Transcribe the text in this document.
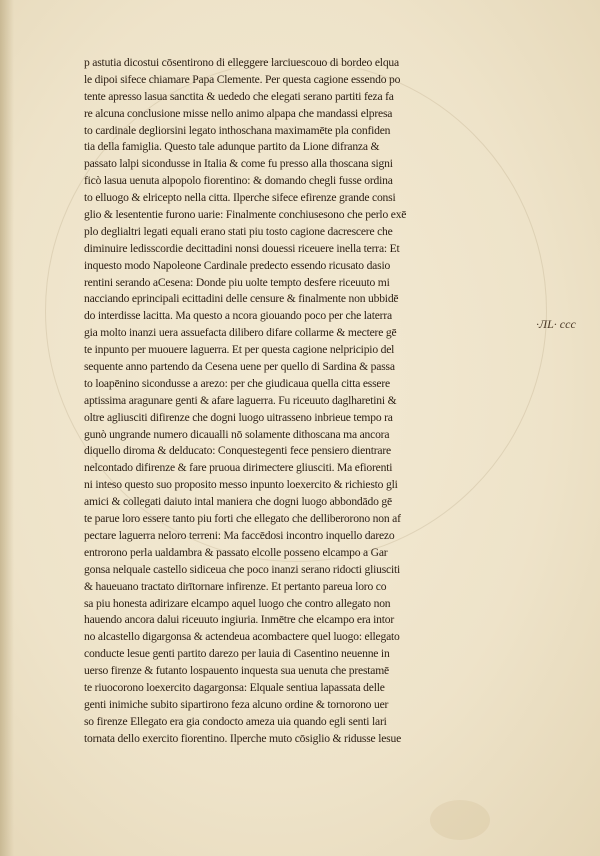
p astutia dicostui cōsentirono di elleggere larciuescouo di bordeo elqua
le dipoi sifece chiamare Papa Clemente. Per questa cagione essendo po
tente apresso lasua sanctita & uededo che elegati serano partiti feza fa
re alcuna conclusione misse nello animo alpapa che mandassi elpresa
to cardinale degliorsini legato inthoschana maximamēte pla confiden
tia della famiglia. Questo tale adunque partito da Lione difranza &
passato lalpi sicondusse in Italia & come fu presso alla thoscana signi
ficò lasua uenuta alpopolo fiorentino: & domando chegli fusse ordina
to elluogo & elricepto nella citta. Ilperche sifece efirenze grande consi
glio & lesententie furono uarie: Finalmente conchiusesono che perlo exē
plo deglialtri legati equali erano stati piu tosto cagione dacrescere che
diminuire ledisscordie decittadini nonsi douessi riceuere inella terra: Et
inquesto modo Napoleone Cardinale predecto essendo ricusato dasio
rentini serando aCesena: Donde piu uolte tempto desfere riceuuto mi
nacciando eprincipali ecittadini delle censure & finalmente non ubbidē
do interdisse lacitta. Ma questo a ncora giouando poco per che laterra
gia molto inanzi uera assuefacta dilibero difare collarme & mectere gē
te inpunto per muouere laguerra. Et per questa cagione nelpricipio del
sequente anno partendo da Cesena uene per quello di Sardina & passa
to loapēnino sicondusse a arezo: per che giudicaua quella citta essere
aptissima aragunare genti & afare laguerra. Fu riceuuto daglharetini &
oltre agliusciti difirenze che dogni luogo uitrasseno inbrieue tempo ra
gunò ungrande numero dicaualli nō solamente dithoscana ma ancora
diquello diroma & delducato: Conquestegenti fece pensiero dientrare
nelcontado difirenze & fare pruoua dirimectere gliusciti. Ma efiorenti
ni inteso questo suo proposito messo inpunto loexercito & richiesto gli
amici & collegati daiuto intal maniera che dogni luogo abbondādo gē
te parue loro essere tanto piu forti che ellegato che delliberorono non af
pectare laguerra neloro terreni: Ma faccēdosi incontro inquello darezo
entrorono perla ualdambra & passato elcolle posseno elcampo a Gar
gonsa nelquale castello sidiceua che poco inanzi serano ridocti gliusciti
& haueuano tractato dirītornare infirenze. Et pertanto pareua loro co
sa piu honesta adirizare elcampo aquel luogo che contro allegato non
hauendo ancora dalui riceuuto ingiuria. Inmētre che elcampo era intor
no alcastello digargonsa & actendeua acombactere quel luogo: ellegato
conducte lesue genti partito darezo per lauia di Casentino neuenne in
uerso firenze & futanto lospauento inquesta sua uenuta che prestamē
te riuocorono loexercito dagargonsa: Elquale sentiua lapassata delle
genti inimiche subito sipartirono feza alcuno ordine & tornorono uer
so firenze Ellegato era gia condocto ameza uia quando egli senti lari
tornata dello exercito fiorentino. Ilperche muto cōsiglio & ridusse lesue
·ЛL· ccc
